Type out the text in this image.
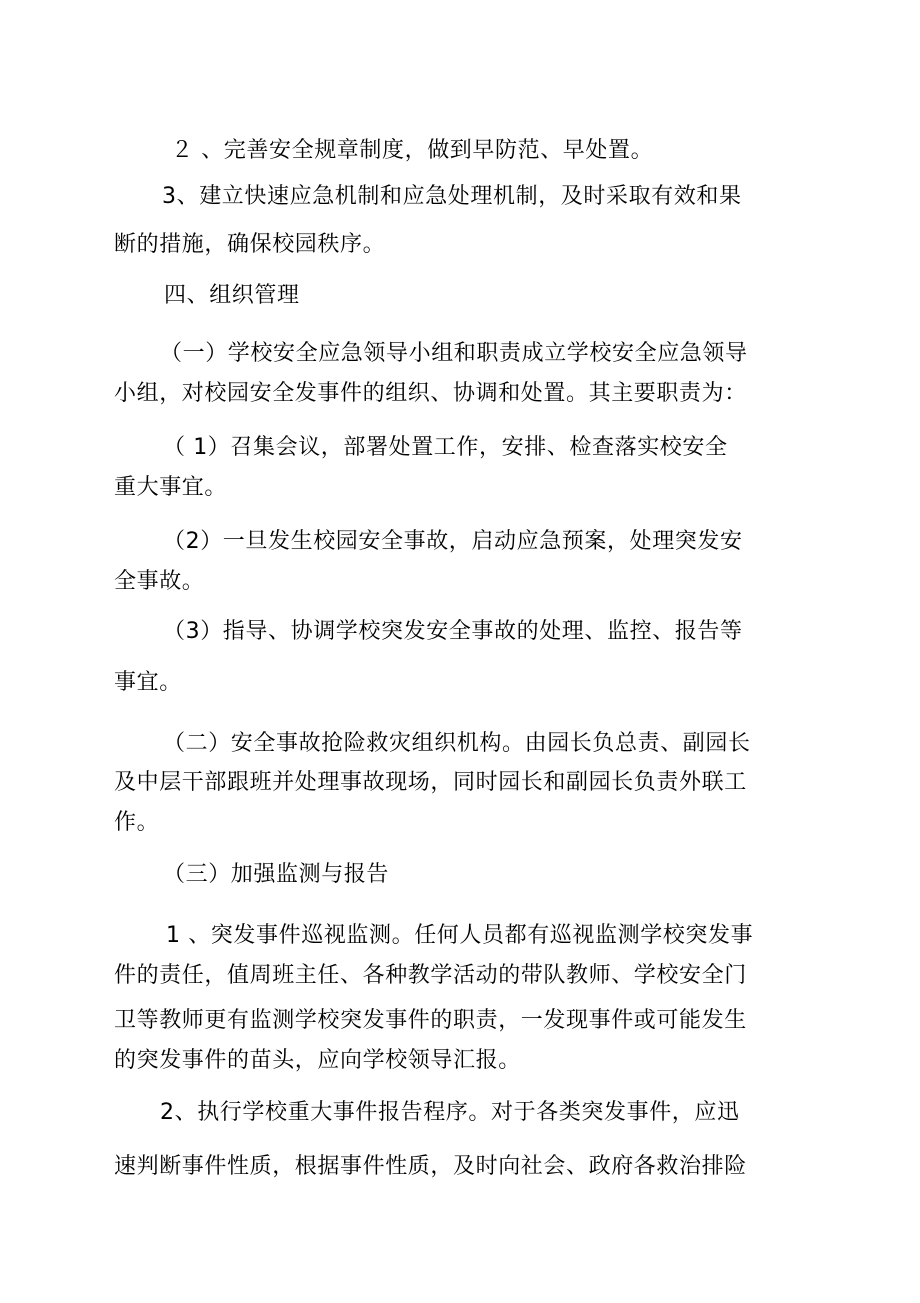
２ 、完善安全规章制度，做到早防范、早处置。
3、建立快速应急机制和应急处理机制，及时采取有效和果
断的措施，确保校园秩序。
四、组织管理
（一）学校安全应急领导小组和职责成立学校安全应急领导
小组，对校园安全发事件的组织、协调和处置。其主要职责为：
（ 1）召集会议，部署处置工作，安排、检查落实校安全
重大事宜。
（2）一旦发生校园安全事故，启动应急预案，处理突发安
全事故。
（3）指导、协调学校突发安全事故的处理、监控、报告等
事宜。
（二）安全事故抢险救灾组织机构。由园长负总责、副园长
及中层干部跟班并处理事故现场，同时园长和副园长负责外联工
作。
（三）加强监测与报告
1 、突发事件巡视监测。任何人员都有巡视监测学校突发事
件的责任，值周班主任、各种教学活动的带队教师、学校安全门
卫等教师更有监测学校突发事件的职责，一发现事件或可能发生
的突发事件的苗头，应向学校领导汇报。
2、执行学校重大事件报告程序。对于各类突发事件，应迅
速判断事件性质，根据事件性质，及时向社会、政府各救治排险
